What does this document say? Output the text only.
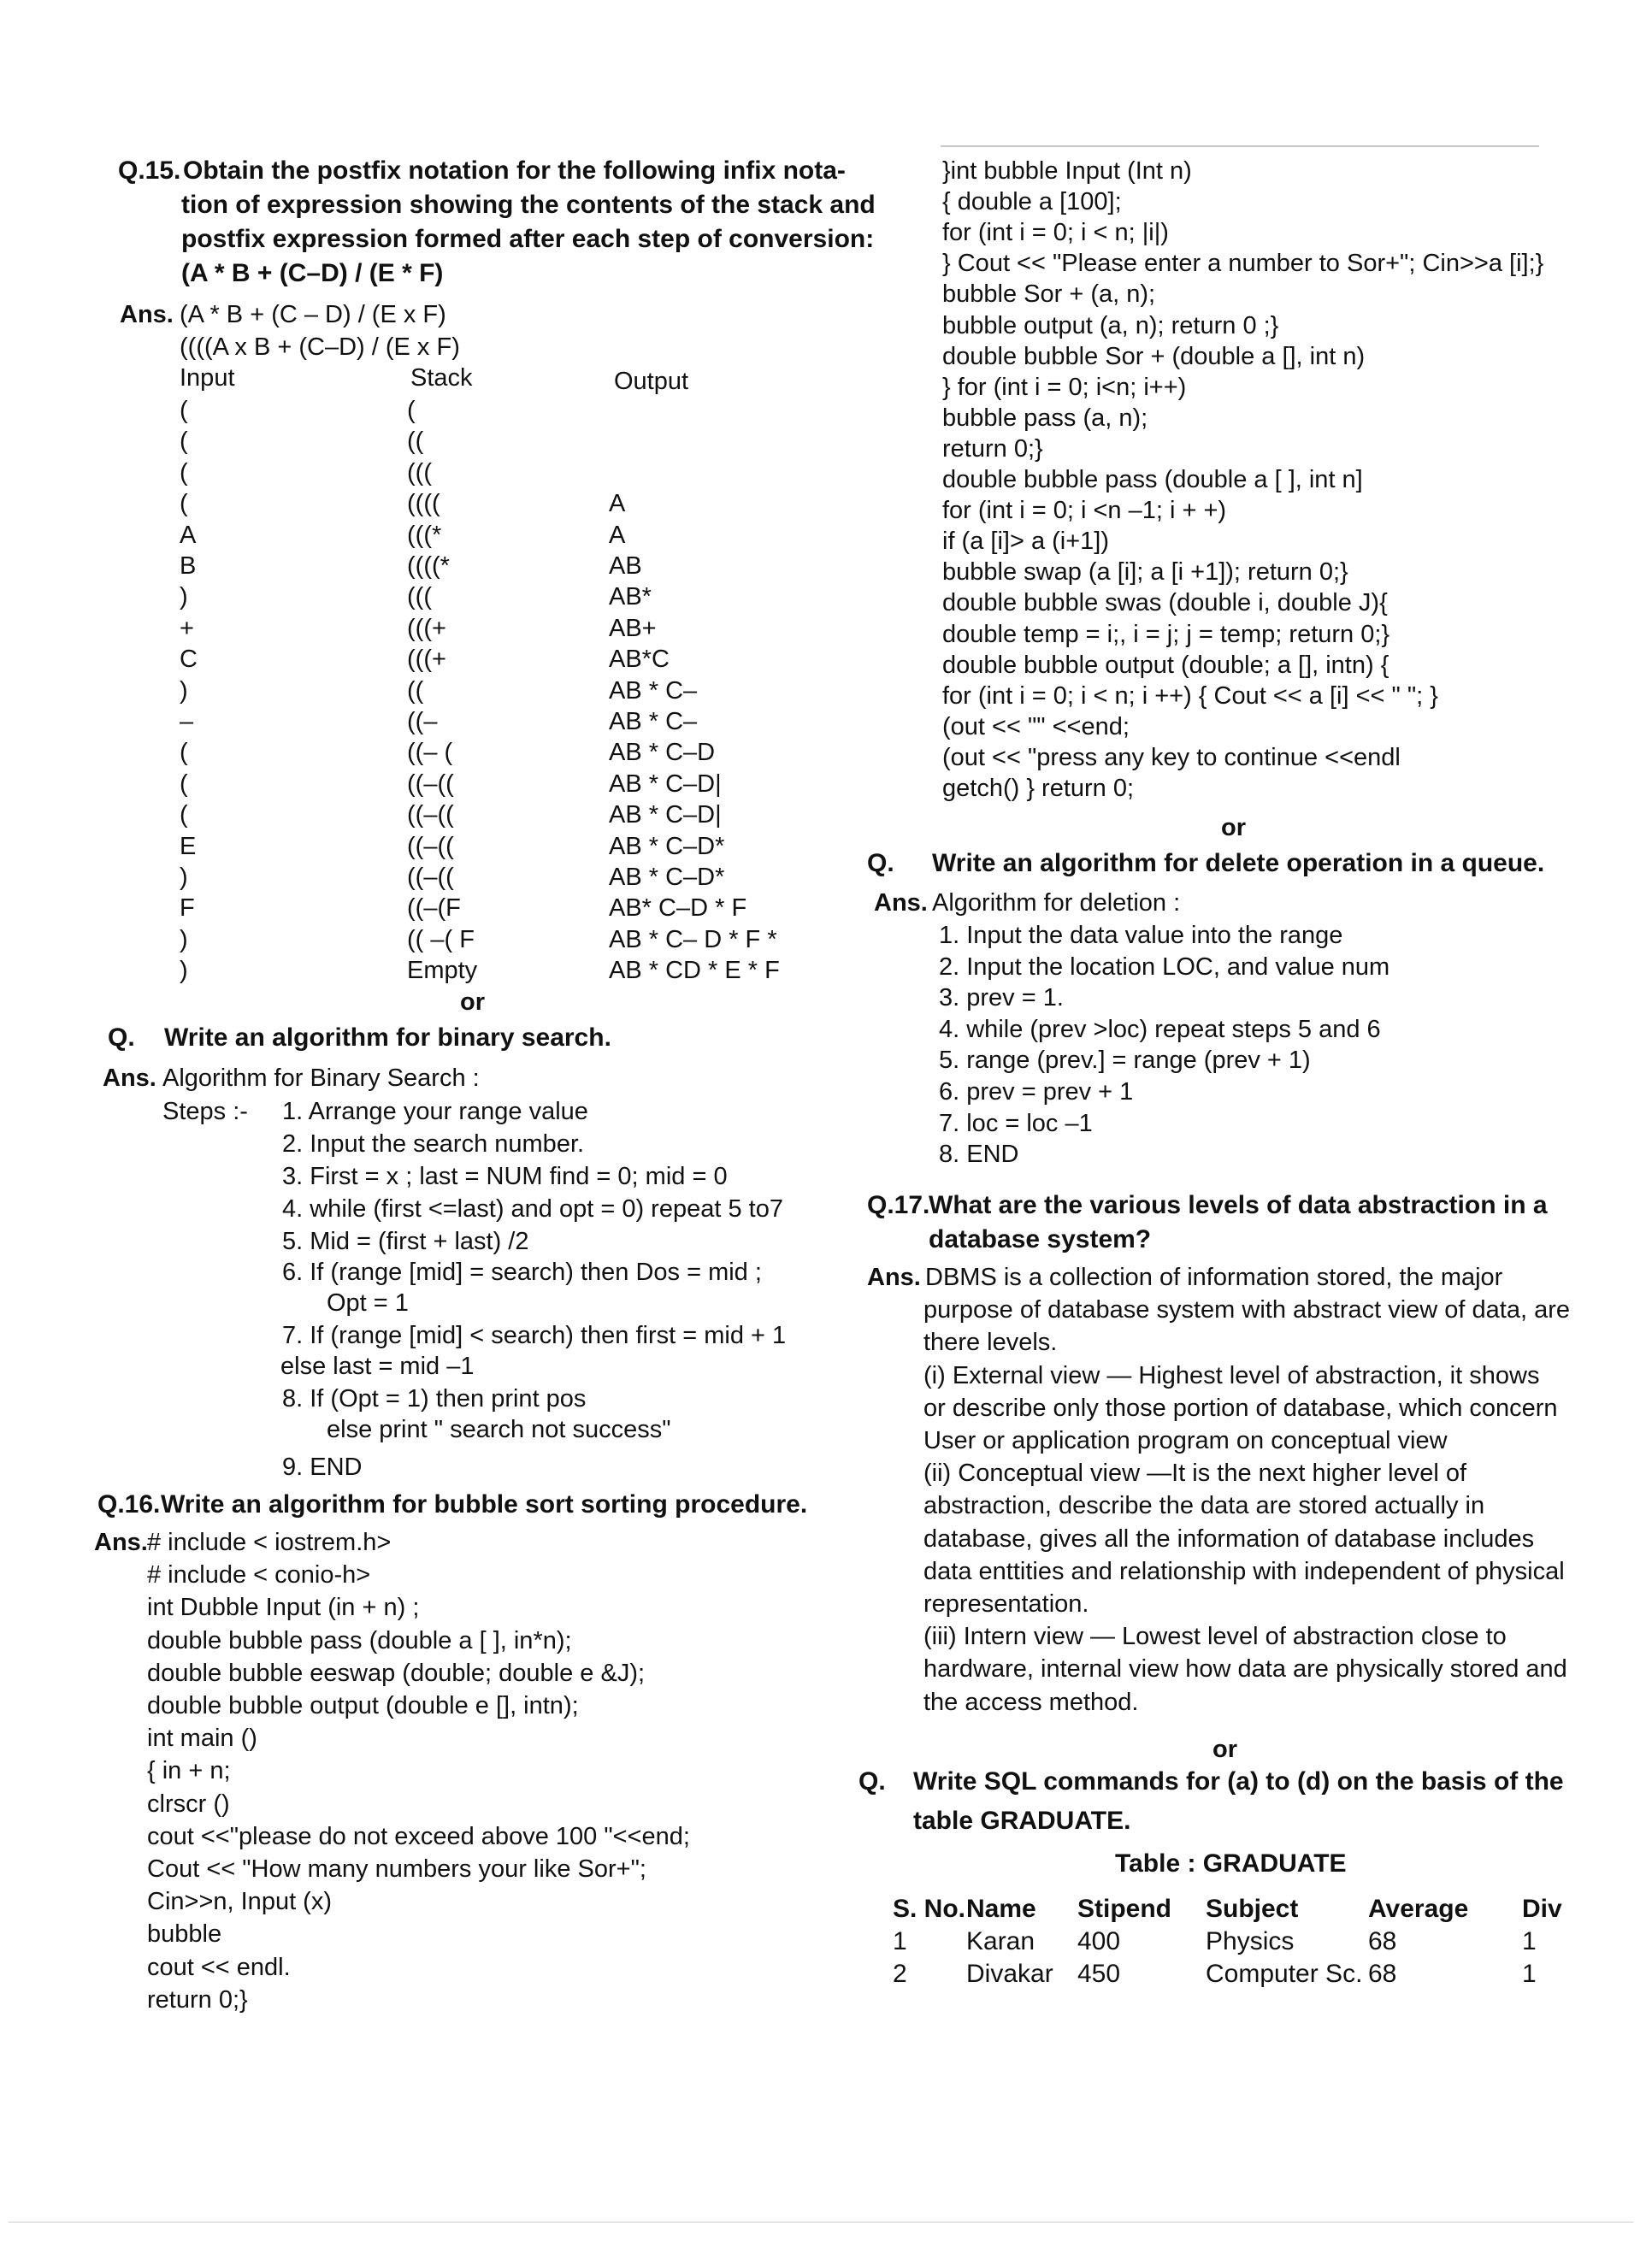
Q.15. Obtain the postfix notation for the following infix nota-
tion of expression showing the contents of the stack and
postfix expression formed after each step of conversion:
(A * B + (C–D) / (E * F)
Ans. (A * B + (C – D) / (E x F)
((((A x B + (C–D) / (E x F)
Input	Stack	Output
(	(
(	((
(	(((
(	((((	A
A	(((*	A
B	((((*	AB
)	(((	AB*
+	(((+	AB+
C	(((+	AB*C
)	((	AB * C–
–	((–	AB * C–
(	((– (	AB * C–D
(	((–((	AB * C–D|
(	((–((	AB * C–D|
E	((–((	AB * C–D*
)	((–((	AB * C–D*
F	((–(F	AB* C–D * F
)	(( –( F	AB * C– D * F *
)	Empty	AB * CD * E * F
or
Q. Write an algorithm for binary search.
Ans. Algorithm for Binary Search :
Steps :- 1. Arrange your range value
2. Input the search number.
3. First = x ; last = NUM find = 0; mid = 0
4. while (first <=last) and opt = 0) repeat 5 to7
5. Mid = (first + last) /2
6. If (range [mid] = search) then Dos = mid ;
Opt = 1
7. If (range [mid] < search) then first = mid + 1
else last = mid –1
8. If (Opt = 1) then print pos
else print " search not success"
9. END
Q.16. Write an algorithm for bubble sort sorting procedure.
Ans. # include < iostrem.h>
# include < conio-h>
int Dubble Input (in + n) ;
double bubble pass (double a [ ], in*n);
double bubble eeswap (double; double e &J);
double bubble output (double e [], intn);
int main ()
{ in + n;
clrscr ()
cout <<"please do not exceed above 100 "<<end;
Cout << "How many numbers your like Sor+";
Cin>>n, Input (x)
bubble
cout << endl.
return 0;}
}int bubble Input (Int n)
{ double a [100];
for (int i = 0; i < n; |i|)
} Cout << "Please enter a number to Sor+"; Cin>>a [i];}
bubble Sor + (a, n);
bubble output (a, n); return 0 ;}
double bubble Sor + (double a [], int n)
} for (int i = 0; i<n; i++)
bubble pass (a, n);
return 0;}
double bubble pass (double a [ ], int n]
for (int i = 0; i <n –1; i + +)
if (a [i]> a (i+1])
bubble swap (a [i]; a [i +1]); return 0;}
double bubble swas (double i, double J){
double temp = i;, i = j; j = temp; return 0;}
double bubble output (double; a [], intn) {
for (int i = 0; i < n; i ++) { Cout << a [i] << " "; }
(out << "" <<end;
(out << "press any key to continue <<endl
getch() } return 0;
or
Q. Write an algorithm for delete operation in a queue.
Ans. Algorithm for deletion :
1. Input the data value into the range
2. Input the location LOC, and value num
3. prev = 1.
4. while (prev >loc) repeat steps 5 and 6
5. range (prev.] = range (prev + 1)
6. prev = prev + 1
7. loc = loc –1
8. END
Q.17.
What are the various levels of data abstraction in a
database system?
Ans. DBMS is a collection of information stored, the major
purpose of database system with abstract view of data, are
there levels.
(i) External view — Highest level of abstraction, it shows
or describe only those portion of database, which concern
User or application program on conceptual view
(ii) Conceptual view —It is the next higher level of
abstraction, describe the data are stored actually in
database, gives all the information of database includes
data enttities and relationship with independent of physical
representation.
(iii) Intern view — Lowest level of abstraction close to
hardware, internal view how data are physically stored and
the access method.
or
Q. Write SQL commands for (a) to (d) on the basis of the
table GRADUATE.
Table : GRADUATE
S. No.	Name	Stipend	Subject	Average	Div
1	Karan	400	Physics	68	1
2	Divakar	450	Computer Sc.	68	1
